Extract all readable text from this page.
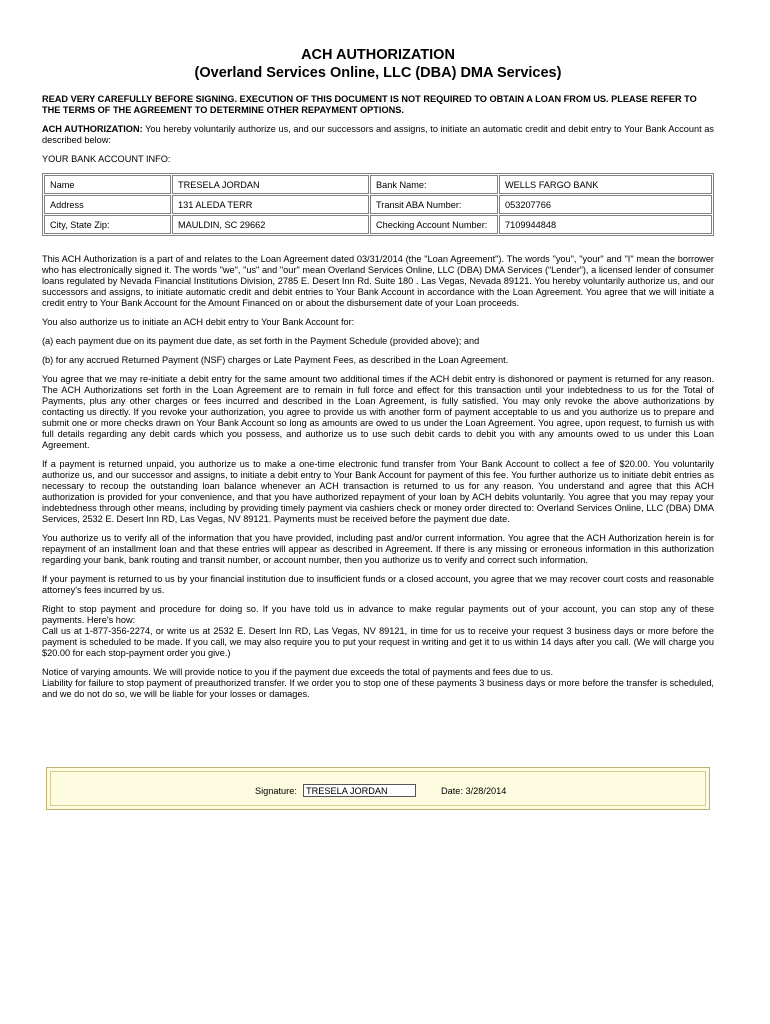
ACH AUTHORIZATION
(Overland Services Online, LLC (DBA) DMA Services)
READ VERY CAREFULLY BEFORE SIGNING. EXECUTION OF THIS DOCUMENT IS NOT REQUIRED TO OBTAIN A LOAN FROM US. PLEASE REFER TO THE TERMS OF THE AGREEMENT TO DETERMINE OTHER REPAYMENT OPTIONS.

ACH AUTHORIZATION: You hereby voluntarily authorize us, and our successors and assigns, to initiate an automatic credit and debit entry to Your Bank Account as described below:

YOUR BANK ACCOUNT INFO:

Name	TRESELA JORDAN	Bank Name:	WELLS FARGO BANK
Address	131 ALEDA TERR	Transit ABA Number:	053207766
City, State Zip:	MAULDIN, SC 29662	Checking Account Number:	7109944848

This ACH Authorization is a part of and relates to the Loan Agreement dated 03/31/2014 (the "Loan Agreement"). The words "you", "your" and "I" mean the borrower who has electronically signed it. The words "we", "us" and "our" mean Overland Services Online, LLC (DBA) DMA Services (“Lender”), a licensed lender of consumer loans regulated by Nevada Financial Institutions Division, 2785 E. Desert Inn Rd. Suite 180 . Las Vegas, Nevada 89121. You hereby voluntarily authorize us, and our successors and assigns, to initiate automatic credit and debit entries to Your Bank Account in accordance with the Loan Agreement. You agree that we will initiate a credit entry to Your Bank Account for the Amount Financed on or about the disbursement date of your Loan proceeds.

You also authorize us to initiate an ACH debit entry to Your Bank Account for:

(a) each payment due on its payment due date, as set forth in the Payment Schedule (provided above); and

(b) for any accrued Returned Payment (NSF) charges or Late Payment Fees, as described in the Loan Agreement.

You agree that we may re-initiate a debit entry for the same amount two additional times if the ACH debit entry is dishonored or payment is returned for any reason. The ACH Authorizations set forth in the Loan Agreement are to remain in full force and effect for this transaction until your indebtedness to us for the Total of Payments, plus any other charges or fees incurred and described in the Loan Agreement, is fully satisfied. You may only revoke the above authorizations by contacting us directly. If you revoke your authorization, you agree to provide us with another form of payment acceptable to us and you authorize us to prepare and submit one or more checks drawn on Your Bank Account so long as amounts are owed to us under the Loan Agreement. You agree, upon request, to furnish us with full details regarding any debit cards which you possess, and authorize us to use such debit cards to debit you with any amounts owed to us under this Loan Agreement.

If a payment is returned unpaid, you authorize us to make a one-time electronic fund transfer from Your Bank Account to collect a fee of $20.00. You voluntarily authorize us, and our successor and assigns, to initiate a debit entry to Your Bank Account for payment of this fee. You further authorize us to initiate debit entries as necessary to recoup the outstanding loan balance whenever an ACH transaction is returned to us for any reason. You understand and agree that this ACH authorization is provided for your convenience, and that you have authorized repayment of your loan by ACH debits voluntarily. You agree that you may repay your indebtedness through other means, including by providing timely payment via cashiers check or money order directed to: Overland Services Online, LLC (DBA) DMA Services, 2532 E. Desert Inn RD, Las Vegas, NV 89121. Payments must be received before the payment due date.

You authorize us to verify all of the information that you have provided, including past and/or current information. You agree that the ACH Authorization herein is for repayment of an installment loan and that these entries will appear as described in Agreement. If there is any missing or erroneous information in this authorization regarding your bank, bank routing and transit number, or account number, then you authorize us to verify and correct such information.

If your payment is returned to us by your financial institution due to insufficient funds or a closed account, you agree that we may recover court costs and reasonable attorney's fees incurred by us.

Right to stop payment and procedure for doing so. If you have told us in advance to make regular payments out of your account, you can stop any of these payments. Here's how:

Call us at 1-877-356-2274, or write us at 2532 E. Desert Inn RD, Las Vegas, NV 89121, in time for us to receive your request 3 business days or more before the payment is scheduled to be made. If you call, we may also require you to put your request in writing and get it to us within 14 days after you call. (We will charge you $20.00 for each stop-payment order you give.)

Notice of varying amounts. We will provide notice to you if the payment due exceeds the total of payments and fees due to us.

Liability for failure to stop payment of preauthorized transfer. If we order you to stop one of these payments 3 business days or more before the transfer is scheduled, and we do not do so, we will be liable for your losses or damages.

Signature: TRESELA JORDAN	Date: 3/28/2014
